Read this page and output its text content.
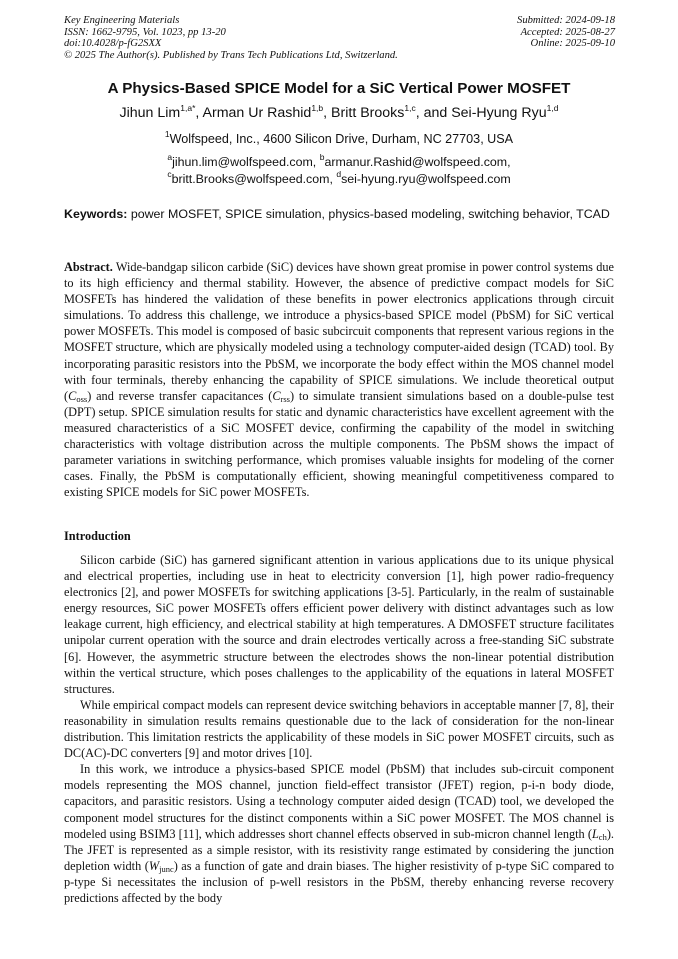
Key Engineering Materials
ISSN: 1662-9795, Vol. 1023, pp 13-20
doi:10.4028/p-fG2SXX
© 2025 The Author(s). Published by Trans Tech Publications Ltd, Switzerland.
Submitted: 2024-09-18
Accepted: 2025-08-27
Online: 2025-09-10
A Physics-Based SPICE Model for a SiC Vertical Power MOSFET
Jihun Lim$^{1,a*}$, Arman Ur Rashid$^{1,b}$, Britt Brooks$^{1,c}$, and Sei-Hyung Ryu$^{1,d}$
$^1$Wolfspeed, Inc., 4600 Silicon Drive, Durham, NC 27703, USA
$^a$jihun.lim@wolfspeed.com, $^b$armanur.Rashid@wolfspeed.com,
$^c$britt.Brooks@wolfspeed.com, $^d$sei-hyung.ryu@wolfspeed.com
Keywords: power MOSFET, SPICE simulation, physics-based modeling, switching behavior, TCAD
Abstract. Wide-bandgap silicon carbide (SiC) devices have shown great promise in power control systems due to its high efficiency and thermal stability. However, the absence of predictive compact models for SiC MOSFETs has hindered the validation of these benefits in power electronics applications through circuit simulations. To address this challenge, we introduce a physics-based SPICE model (PbSM) for SiC vertical power MOSFETs. This model is composed of basic subcircuit components that represent various regions in the MOSFET structure, which are physically modeled using a technology computer-aided design (TCAD) tool. By incorporating parasitic resistors into the PbSM, we incorporate the body effect within the MOS channel model with four terminals, thereby enhancing the capability of SPICE simulations. We include theoretical output $(C_{oss})$ and reverse transfer capacitances $(C_{rss})$ to simulate transient simulations based on a double-pulse test (DPT) setup. SPICE simulation results for static and dynamic characteristics have excellent agreement with the measured characteristics of a SiC MOSFET device, confirming the capability of the model in switching characteristics with voltage distribution across the multiple components. The PbSM shows the impact of parameter variations in switching performance, which promises valuable insights for modeling of the corner cases. Finally, the PbSM is computationally efficient, showing meaningful competitiveness compared to existing SPICE models for SiC power MOSFETs.
Introduction

Silicon carbide (SiC) has garnered significant attention in various applications due to its unique physical and electrical properties, including use in heat to electricity conversion [1], high power radio-frequency electronics [2], and power MOSFETs for switching applications [3-5]. Particularly, in the realm of sustainable energy resources, SiC power MOSFETs offers efficient power delivery with distinct advantages such as low leakage current, high efficiency, and electrical stability at high temperatures. A DMOSFET structure facilitates unipolar current operation with the source and drain electrodes vertically across a free-standing SiC substrate [6]. However, the asymmetric structure between the electrodes shows the non-linear potential distribution within the vertical structure, which poses challenges to the applicability of the equations in lateral MOSFET structures.

While empirical compact models can represent device switching behaviors in acceptable manner [7, 8], their reasonability in simulation results remains questionable due to the lack of consideration for the non-linear distribution. This limitation restricts the applicability of these models in SiC power MOSFET circuits, such as DC(AC)-DC converters [9] and motor drives [10].

In this work, we introduce a physics-based SPICE model (PbSM) that includes sub-circuit component models representing the MOS channel, junction field-effect transistor (JFET) region, p-i-n body diode, capacitors, and parasitic resistors. Using a technology computer aided design (TCAD) tool, we developed the component model structures for the distinct components within a SiC power MOSFET. The MOS channel is modeled using BSIM3 [11], which addresses short channel effects observed in sub-micron channel length $(L_{ch})$. The JFET is represented as a simple resistor, with its resistivity range estimated by considering the junction depletion width $(W_{junc})$ as a function of gate and drain biases. The higher resistivity of p-type SiC compared to p-type Si necessitates the inclusion of p-well resistors in the PbSM, thereby enhancing reverse recovery predictions affected by the body
